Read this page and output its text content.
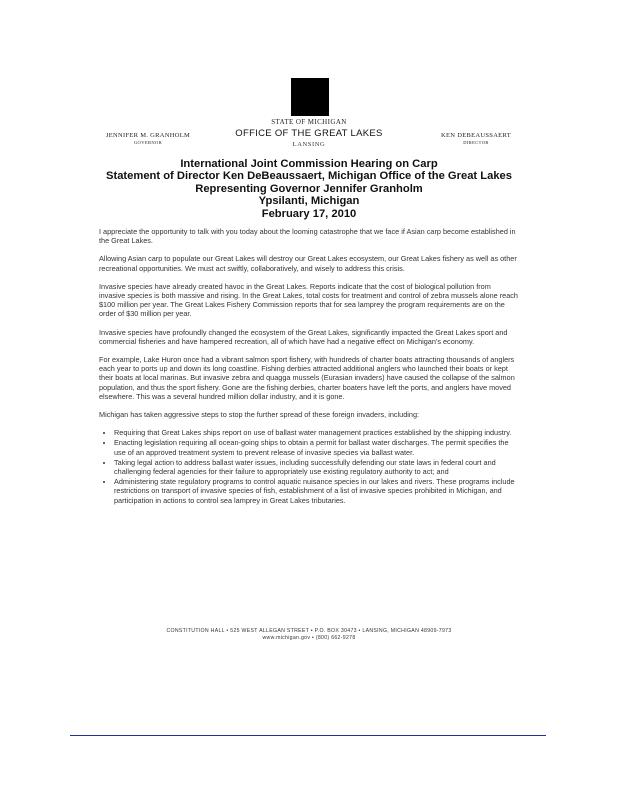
STATE OF MICHIGAN
OFFICE OF THE GREAT LAKES
LANSING
JENNIFER M. GRANHOLM
GOVERNOR
KEN DEBEAUSSAERT
DIRECTOR
International Joint Commission Hearing on Carp
Statement of Director Ken DeBeaussaert, Michigan Office of the Great Lakes
Representing Governor Jennifer Granholm
Ypsilanti, Michigan
February 17, 2010

I appreciate the opportunity to talk with you today about the looming catastrophe that we face if Asian carp become established in the Great Lakes.

Allowing Asian carp to populate our Great Lakes will destroy our Great Lakes ecosystem, our Great Lakes fishery as well as other recreational opportunities. We must act swiftly, collaboratively, and wisely to address this crisis.

Invasive species have already created havoc in the Great Lakes. Reports indicate that the cost of biological pollution from invasive species is both massive and rising. In the Great Lakes, total costs for treatment and control of zebra mussels alone reach $100 million per year. The Great Lakes Fishery Commission reports that for sea lamprey the program requirements are on the order of $30 million per year.

Invasive species have profoundly changed the ecosystem of the Great Lakes, significantly impacted the Great Lakes sport and commercial fisheries and have hampered recreation, all of which have had a negative effect on Michigan's economy.

For example, Lake Huron once had a vibrant salmon sport fishery, with hundreds of charter boats attracting thousands of anglers each year to ports up and down its long coastline. Fishing derbies attracted additional anglers who launched their boats or kept their boats at local marinas. But invasive zebra and quagga mussels (Eurasian invaders) have caused the collapse of the salmon population, and thus the sport fishery. Gone are the fishing derbies, charter boaters have left the ports, and anglers have moved elsewhere. This was a several hundred million dollar industry, and it is gone.

Michigan has taken aggressive steps to stop the further spread of these foreign invaders, including:

• Requiring that Great Lakes ships report on use of ballast water management practices established by the shipping industry.
• Enacting legislation requiring all ocean-going ships to obtain a permit for ballast water discharges. The permit specifies the use of an approved treatment system to prevent release of invasive species via ballast water.
• Taking legal action to address ballast water issues, including successfully defending our state laws in federal court and challenging federal agencies for their failure to appropriately use existing regulatory authority to act; and
• Administering state regulatory programs to control aquatic nuisance species in our lakes and rivers. These programs include restrictions on transport of invasive species of fish, establishment of a list of invasive species prohibited in Michigan, and participation in actions to control sea lamprey in Great Lakes tributaries.
CONSTITUTION HALL • 525 WEST ALLEGAN STREET • P.O. BOX 30473 • LANSING, MICHIGAN 48909-7973
www.michigan.gov • (800) 662-9278
